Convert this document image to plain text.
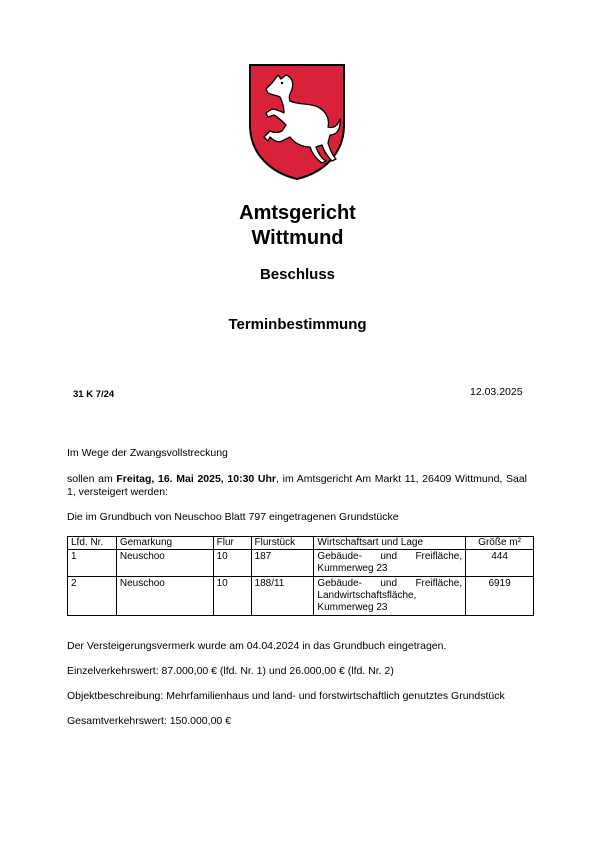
Amtsgericht
Wittmund
Beschluss
Terminbestimmung
31 K 7/24	12.03.2025
Im Wege der Zwangsvollstreckung
sollen am Freitag, 16. Mai 2025, 10:30 Uhr, im Amtsgericht Am Markt 11, 26409 Wittmund, Saal 1, versteigert werden:
Die im Grundbuch von Neuschoo Blatt 797 eingetragenen Grundstücke
Lfd. Nr.	Gemarkung	Flur	Flurstück	Wirtschaftsart und Lage	Größe m²
1	Neuschoo	10	187	Gebäude- und Freifläche, Kummerweg 23	444
2	Neuschoo	10	188/11	Gebäude- und Freifläche, Landwirtschaftsfläche, Kummerweg 23	6919
Der Versteigerungsvermerk wurde am 04.04.2024 in das Grundbuch eingetragen.
Einzelverkehrswert: 87.000,00 € (lfd. Nr. 1) und 26.000,00 € (lfd. Nr. 2)
Objektbeschreibung: Mehrfamilienhaus und land- und forstwirtschaftlich genutztes Grundstück
Gesamtverkehrswert: 150.000,00 €
